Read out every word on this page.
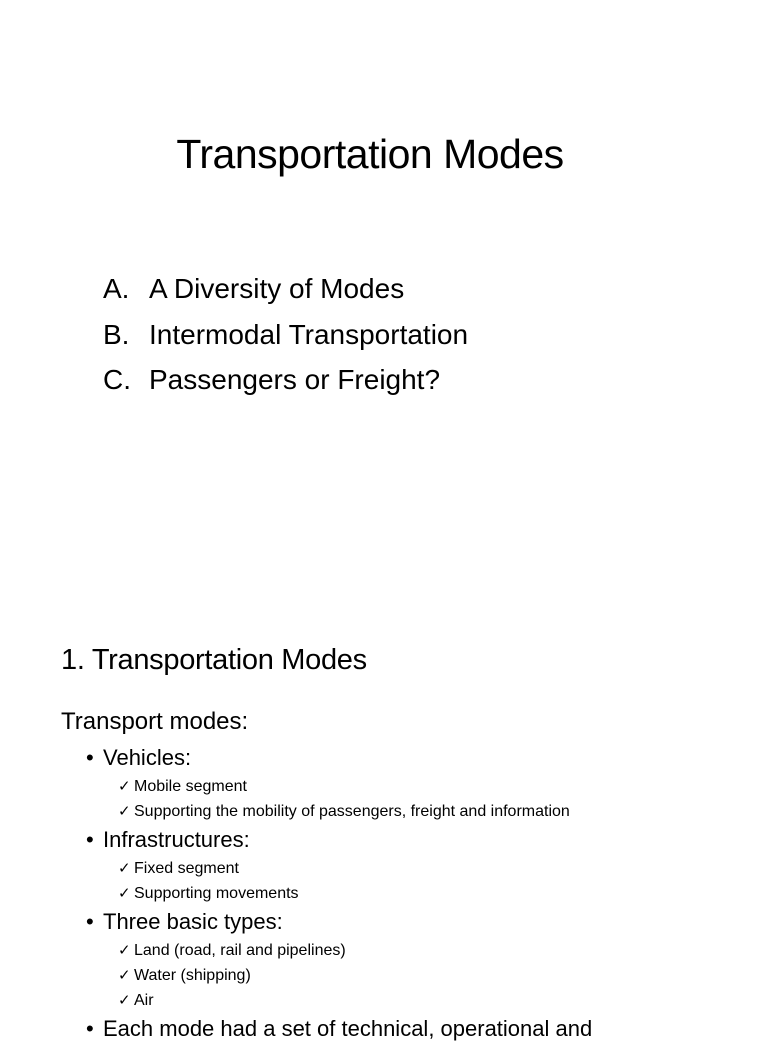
Transportation Modes
A. A Diversity of Modes
B. Intermodal Transportation
C. Passengers or Freight?
1. Transportation Modes
Transport modes:
• Vehicles:
✓ Mobile segment
✓ Supporting the mobility of passengers, freight and information
• Infrastructures:
✓ Fixed segment
✓ Supporting movements
• Three basic types:
✓ Land (road, rail and pipelines)
✓ Water (shipping)
✓ Air
• Each mode had a set of technical, operational and
